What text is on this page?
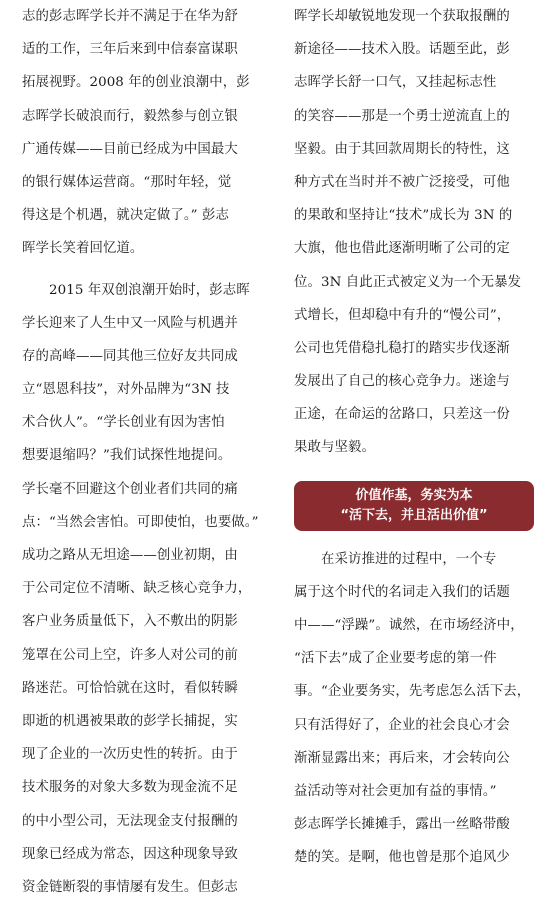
志的彭志晖学长并不满足于在华为舒
适的工作，三年后来到中信泰富谋职
拓展视野。2008 年的创业浪潮中，彭
志晖学长破浪而行，毅然参与创立银
广通传媒——目前已经成为中国最大
的银行媒体运营商。“那时年轻，觉
得这是个机遇，就决定做了。” 彭志
晖学长笑着回忆道。
　　2015 年双创浪潮开始时，彭志晖
学长迎来了人生中又一风险与机遇并
存的高峰——同其他三位好友共同成
立“恩恩科技”，对外品牌为“3N 技
术合伙人”。“学长创业有因为害怕
想要退缩吗？”我们试探性地提问。
学长毫不回避这个创业者们共同的痛
点：“当然会害怕。可即使怕，也要做。”
成功之路从无坦途——创业初期，由
于公司定位不清晰、缺乏核心竞争力，
客户业务质量低下，入不敷出的阴影
笼罩在公司上空，许多人对公司的前
路迷茫。可恰恰就在这时，看似转瞬
即逝的机遇被果敢的彭学长捕捉，实
现了企业的一次历史性的转折。由于
技术服务的对象大多数为现金流不足
的中小型公司，无法现金支付报酬的
现象已经成为常态，因这种现象导致
资金链断裂的事情屡有发生。但彭志
晖学长却敏锐地发现一个获取报酬的
新途径——技术入股。话题至此，彭
志晖学长舒一口气，又挂起标志性
的笑容——那是一个勇士逆流直上的
坚毅。由于其回款周期长的特性，这
种方式在当时并不被广泛接受，可他
的果敢和坚持让“技术”成长为 3N 的
大旗，他也借此逐渐明晰了公司的定
位。3N 自此正式被定义为一个无暴发
式增长，但却稳中有升的“慢公司”，
公司也凭借稳扎稳打的踏实步伐逐渐
发展出了自己的核心竞争力。迷途与
正途，在命运的岔路口，只差这一份
果敢与坚毅。
价值作基，务实为本
“活下去，并且活出价值”
　　在采访推进的过程中，一个专
属于这个时代的名词走入我们的话题
中——“浮躁”。诚然，在市场经济中，
“活下去”成了企业要考虑的第一件
事。“企业要务实，先考虑怎么活下去，
只有活得好了，企业的社会良心才会
渐渐显露出来；再后来，才会转向公
益活动等对社会更加有益的事情。”
彭志晖学长摊摊手，露出一丝略带酸
楚的笑。是啊，他也曾是那个追风少
